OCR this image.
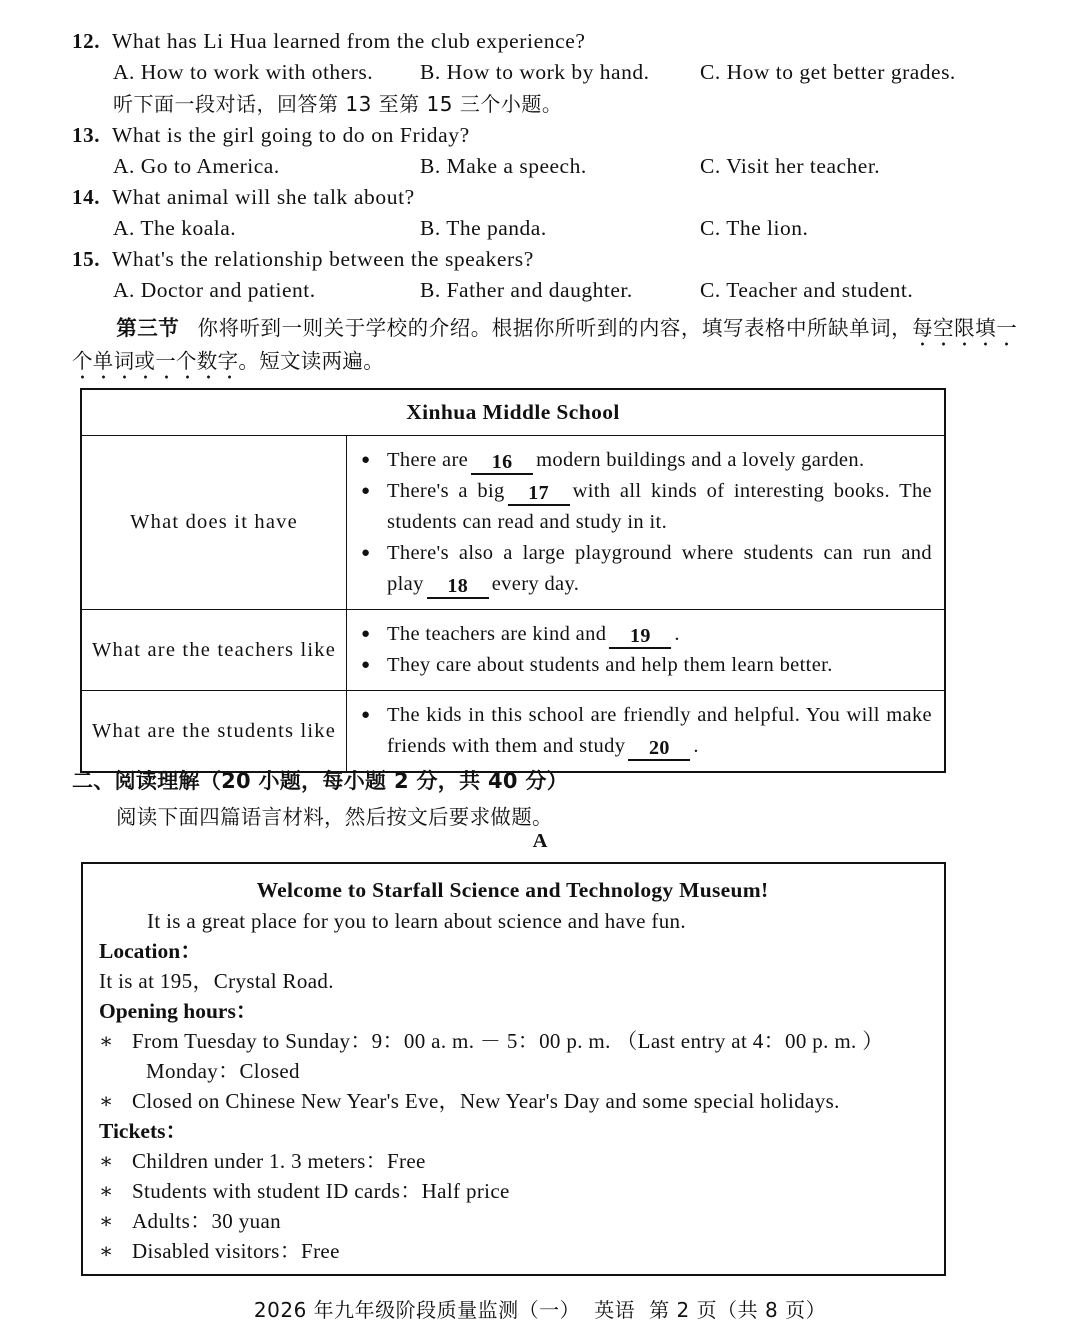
12. What has Li Hua learned from the club experience?
A. How to work with others. B. How to work by hand. C. How to get better grades.
听下面一段对话，回答第 13 至第 15 三个小题。
13. What is the girl going to do on Friday?
A. Go to America.	B. Make a speech.	C. Visit her teacher.
14. What animal will she talk about?
A. The koala.	B. The panda.	C. The lion.
15. What's the relationship between the speakers?
A. Doctor and patient.	B. Father and daughter.	C. Teacher and student.
第三节 你将听到一则关于学校的介绍。根据你所听到的内容，填写表格中所缺单词，每空限填一个单词或一个数字。短文读两遍。
Xinhua Middle School
What does it have
● There are 16 modern buildings and a lovely garden.
● There's a big 17 with all kinds of interesting books. The students can read and study in it.
● There's also a large playground where students can run and play 18 every day.
What are the teachers like
● The teachers are kind and 19 .
● They care about students and help them learn better.
What are the students like
● The kids in this school are friendly and helpful. You will make friends with them and study 20 .
二、阅读理解（20 小题，每小题 2 分，共 40 分）
阅读下面四篇语言材料，然后按文后要求做题。
A
Welcome to Starfall Science and Technology Museum!
It is a great place for you to learn about science and have fun.
Location：
It is at 195，Crystal Road.
Opening hours：
∗ From Tuesday to Sunday：9：00 a. m. － 5：00 p. m. （Last entry at 4：00 p. m. ）
Monday：Closed
∗ Closed on Chinese New Year's Eve，New Year's Day and some special holidays.
Tickets：
∗ Children under 1. 3 meters：Free
∗ Students with student ID cards：Half price
∗ Adults：30 yuan
∗ Disabled visitors：Free
2026 年九年级阶段质量监测（一） 英语 第 2 页（共 8 页）
